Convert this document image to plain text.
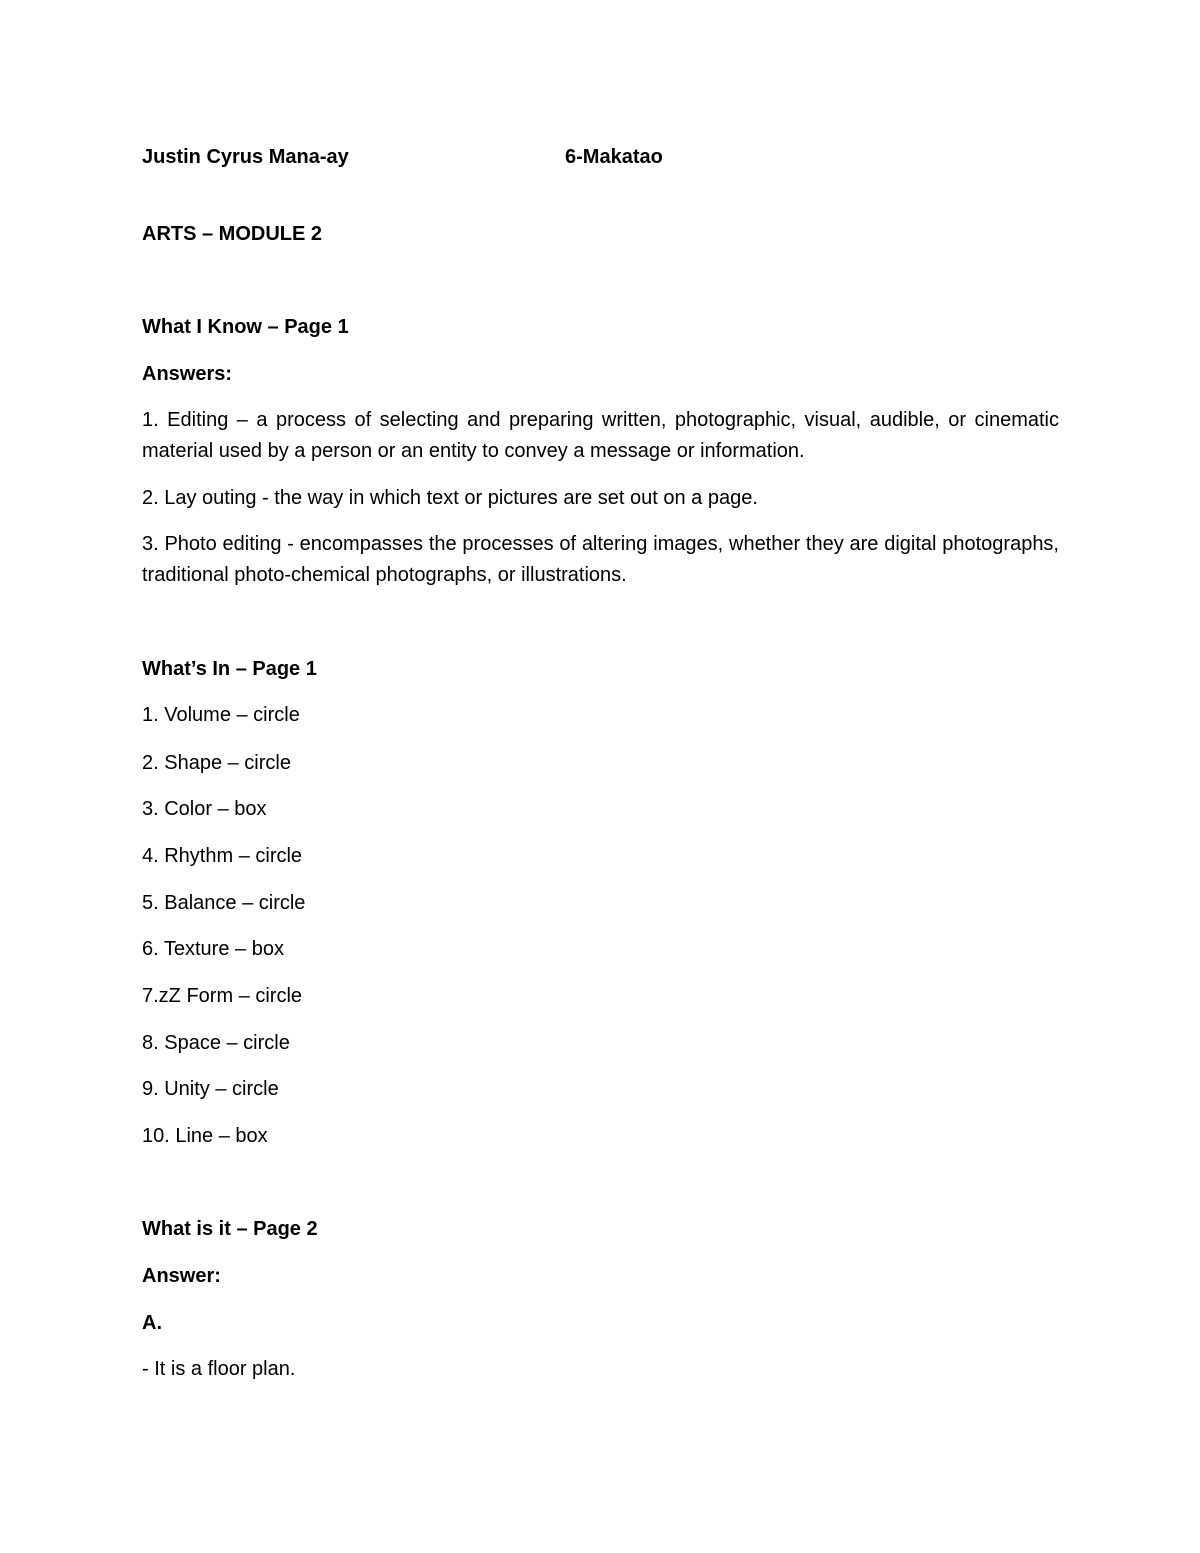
Justin Cyrus Mana-ay	6-Makatao
ARTS – MODULE 2
What I Know – Page 1
Answers:
1. Editing – a process of selecting and preparing written, photographic, visual, audible, or cinematic material used by a person or an entity to convey a message or information.
2. Lay outing - the way in which text or pictures are set out on a page.
3. Photo editing - encompasses the processes of altering images, whether they are digital photographs, traditional photo-chemical photographs, or illustrations.
What’s In – Page 1
1. Volume – circle
2. Shape – circle
3. Color – box
4. Rhythm – circle
5. Balance – circle
6. Texture – box
7.zZ Form – circle
8. Space – circle
9. Unity – circle
10. Line – box
What is it – Page 2
Answer:
A.
- It is a floor plan.
